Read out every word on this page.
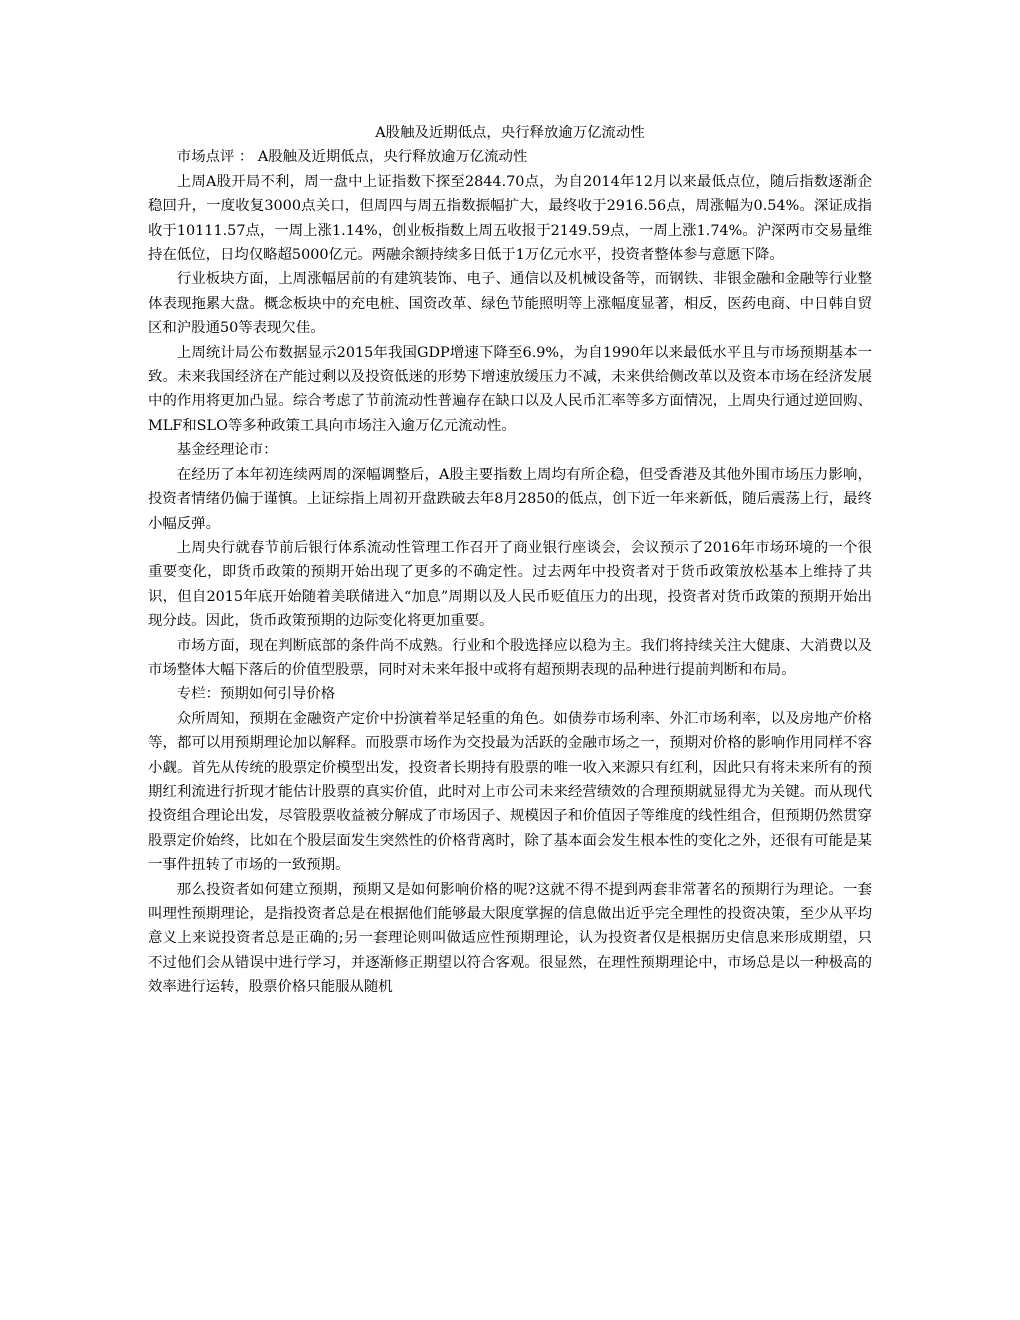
A股触及近期低点，央行释放逾万亿流动性

市场点评 ： A股触及近期低点，央行释放逾万亿流动性

上周A股开局不利，周一盘中上证指数下探至2844.70点，为自2014年12月以来最低点位，随后指数逐渐企稳回升，一度收复3000点关口，但周四与周五指数振幅扩大，最终收于2916.56点，周涨幅为0.54%。深证成指收于10111.57点，一周上涨1.14%，创业板指数上周五收报于2149.59点，一周上涨1.74%。沪深两市交易量维持在低位，日均仅略超5000亿元。两融余额持续多日低于1万亿元水平，投资者整体参与意愿下降。

行业板块方面，上周涨幅居前的有建筑装饰、电子、通信以及机械设备等，而钢铁、非银金融和金融等行业整体表现拖累大盘。概念板块中的充电桩、国资改革、绿色节能照明等上涨幅度显著，相反，医药电商、中日韩自贸区和沪股通50等表现欠佳。

上周统计局公布数据显示2015年我国GDP增速下降至6.9%，为自1990年以来最低水平且与市场预期基本一致。未来我国经济在产能过剩以及投资低迷的形势下增速放缓压力不减，未来供给侧改革以及资本市场在经济发展中的作用将更加凸显。综合考虑了节前流动性普遍存在缺口以及人民币汇率等多方面情况，上周央行通过逆回购、MLF和SLO等多种政策工具向市场注入逾万亿元流动性。

基金经理论市：

在经历了本年初连续两周的深幅调整后，A股主要指数上周均有所企稳，但受香港及其他外围市场压力影响，投资者情绪仍偏于谨慎。上证综指上周初开盘跌破去年8月2850的低点，创下近一年来新低，随后震荡上行，最终小幅反弹。

上周央行就春节前后银行体系流动性管理工作召开了商业银行座谈会，会议预示了2016年市场环境的一个很重要变化，即货币政策的预期开始出现了更多的不确定性。过去两年中投资者对于货币政策放松基本上维持了共识，但自2015年底开始随着美联储进入“加息”周期以及人民币贬值压力的出现，投资者对货币政策的预期开始出现分歧。因此，货币政策预期的边际变化将更加重要。

市场方面，现在判断底部的条件尚不成熟。行业和个股选择应以稳为主。我们将持续关注大健康、大消费以及市场整体大幅下落后的价值型股票，同时对未来年报中或将有超预期表现的品种进行提前判断和布局。

专栏：预期如何引导价格

众所周知，预期在金融资产定价中扮演着举足轻重的角色。如债券市场利率、外汇市场利率，以及房地产价格等，都可以用预期理论加以解释。而股票市场作为交投最为活跃的金融市场之一，预期对价格的影响作用同样不容小觑。首先从传统的股票定价模型出发，投资者长期持有股票的唯一收入来源只有红利，因此只有将未来所有的预期红利流进行折现才能估计股票的真实价值，此时对上市公司未来经营绩效的合理预期就显得尤为关键。而从现代投资组合理论出发，尽管股票收益被分解成了市场因子、规模因子和价值因子等维度的线性组合，但预期仍然贯穿股票定价始终，比如在个股层面发生突然性的价格背离时，除了基本面会发生根本性的变化之外，还很有可能是某一事件扭转了市场的一致预期。

那么投资者如何建立预期，预期又是如何影响价格的呢?这就不得不提到两套非常著名的预期行为理论。一套叫理性预期理论，是指投资者总是在根据他们能够最大限度掌握的信息做出近乎完全理性的投资决策，至少从平均意义上来说投资者总是正确的;另一套理论则叫做适应性预期理论，认为投资者仅是根据历史信息来形成期望，只不过他们会从错误中进行学习，并逐渐修正期望以符合客观。很显然，在理性预期理论中，市场总是以一种极高的效率进行运转，股票价格只能服从随机
